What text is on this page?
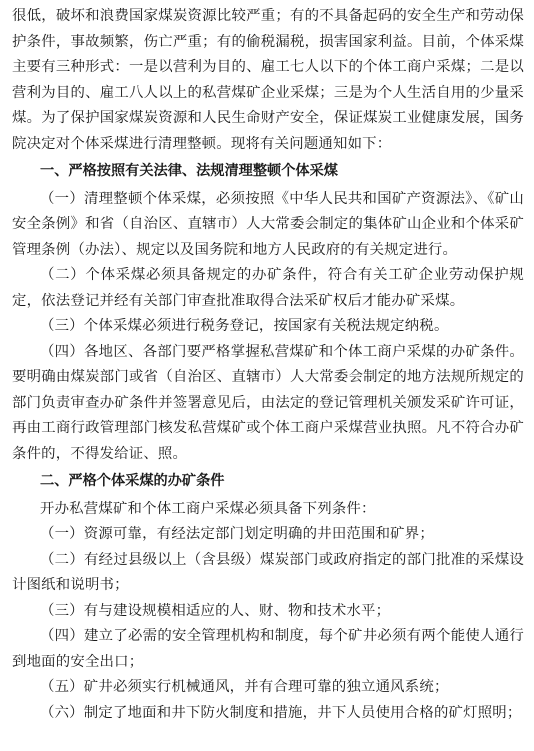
很低，破坏和浪费国家煤炭资源比较严重；有的不具备起码的安全生产和劳动保护条件，事故频繁，伤亡严重；有的偷税漏税，损害国家利益。目前，个体采煤主要有三种形式：一是以营利为目的、雇工七人以下的个体工商户采煤；二是以营利为目的、雇工八人以上的私营煤矿企业采煤；三是为个人生活自用的少量采煤。为了保护国家煤炭资源和人民生命财产安全，保证煤炭工业健康发展，国务院决定对个体采煤进行清理整顿。现将有关问题通知如下：

一、严格按照有关法律、法规清理整顿个体采煤

（一）清理整顿个体采煤，必须按照《中华人民共和国矿产资源法》、《矿山安全条例》和省（自治区、直辖市）人大常委会制定的集体矿山企业和个体采矿管理条例（办法）、规定以及国务院和地方人民政府的有关规定进行。

（二）个体采煤必须具备规定的办矿条件，符合有关工矿企业劳动保护规定，依法登记并经有关部门审查批准取得合法采矿权后才能办矿采煤。

（三）个体采煤必须进行税务登记，按国家有关税法规定纳税。

（四）各地区、各部门要严格掌握私营煤矿和个体工商户采煤的办矿条件。要明确由煤炭部门或省（自治区、直辖市）人大常委会制定的地方法规所规定的部门负责审查办矿条件并签署意见后，由法定的登记管理机关颁发采矿许可证，再由工商行政管理部门核发私营煤矿或个体工商户采煤营业执照。凡不符合办矿条件的，不得发给证、照。

二、严格个体采煤的办矿条件

开办私营煤矿和个体工商户采煤必须具备下列条件：

（一）资源可靠，有经法定部门划定明确的井田范围和矿界；

（二）有经过县级以上（含县级）煤炭部门或政府指定的部门批准的采煤设计图纸和说明书；

（三）有与建设规模相适应的人、财、物和技术水平；

（四）建立了必需的安全管理机构和制度，每个矿井必须有两个能使人通行到地面的安全出口；

（五）矿井必须实行机械通风，并有合理可靠的独立通风系统；

（六）制定了地面和井下防火制度和措施，井下人员使用合格的矿灯照明；
